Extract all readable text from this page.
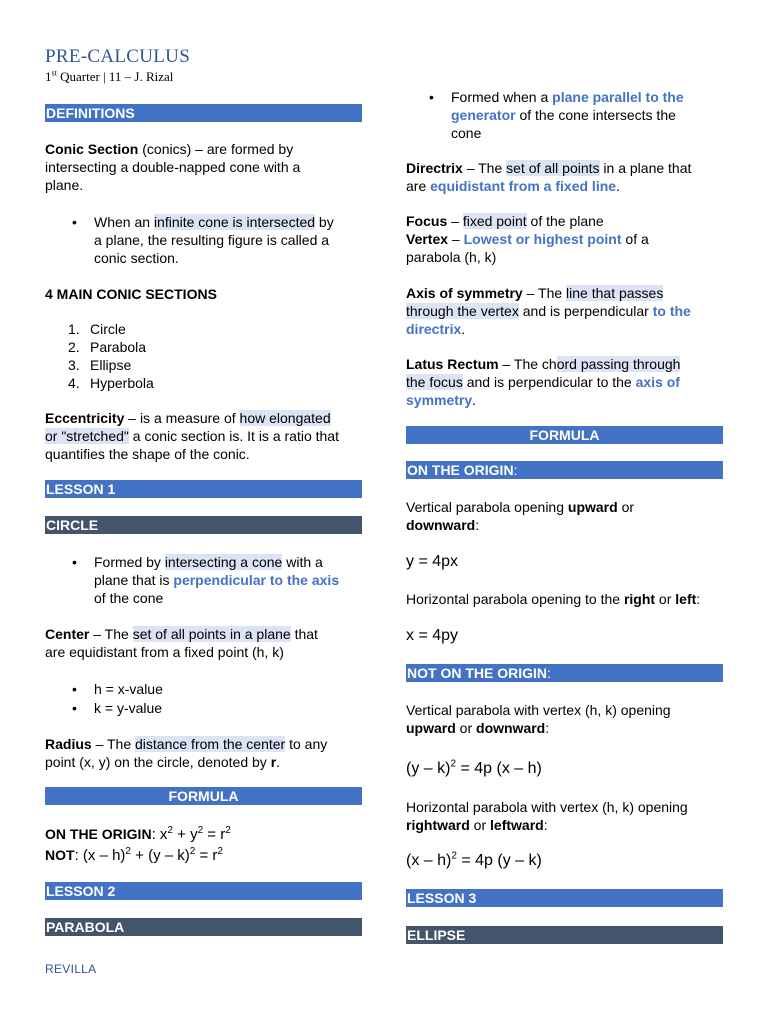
PRE-CALCULUS
1st Quarter | 11 – J. Rizal
DEFINITIONS
Conic Section (conics) – are formed by
intersecting a double-napped cone with a
plane.
• When an infinite cone is intersected by
a plane, the resulting figure is called a
conic section.
4 MAIN CONIC SECTIONS
1. Circle
2. Parabola
3. Ellipse
4. Hyperbola
Eccentricity – is a measure of how elongated
or "stretched" a conic section is. It is a ratio that
quantifies the shape of the conic.
LESSON 1
CIRCLE
• Formed by intersecting a cone with a
plane that is perpendicular to the axis
of the cone
Center – The set of all points in a plane that
are equidistant from a fixed point (h, k)
• h = x-value
• k = y-value
Radius – The distance from the center to any
point (x, y) on the circle, denoted by r.
FORMULA
ON THE ORIGIN: $x^2 + y^2 = r^2$
NOT: $(x - h)^2 + (y - k)^2 = r^2$
LESSON 2
PARABOLA
• Formed when a plane parallel to the
generator of the cone intersects the
cone
Directrix – The set of all points in a plane that
are equidistant from a fixed line.
Focus – fixed point of the plane
Vertex – Lowest or highest point of a
parabola (h, k)
Axis of symmetry – The line that passes
through the vertex and is perpendicular to the
directrix.
Latus Rectum – The chord passing through
the focus and is perpendicular to the axis of
symmetry.
FORMULA
ON THE ORIGIN:
Vertical parabola opening upward or
downward:
y = 4px
Horizontal parabola opening to the right or left:
x = 4py
NOT ON THE ORIGIN:
Vertical parabola with vertex (h, k) opening
upward or downward:
(y – k)$^2$ = 4p (x – h)
Horizontal parabola with vertex (h, k) opening
rightward or leftward:
(x – h)$^2$ = 4p (y – k)
LESSON 3
ELLIPSE
REVILLA
